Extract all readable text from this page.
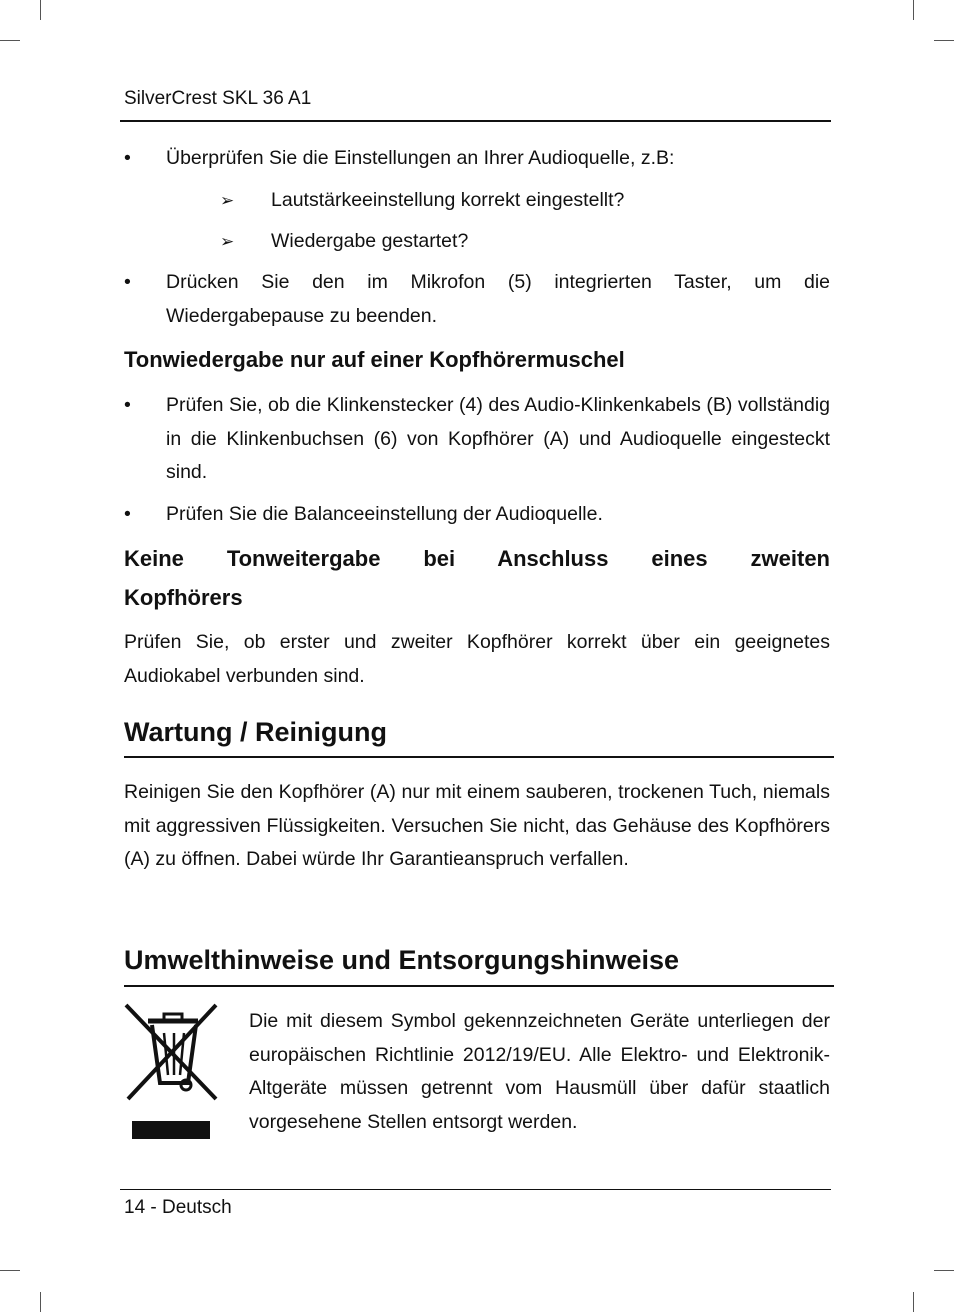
SilverCrest SKL 36 A1
•	Überprüfen Sie die Einstellungen an Ihrer Audioquelle, z.B:
➢ Lautstärkeeinstellung korrekt eingestellt?
➢ Wiedergabe gestartet?
•	Drücken Sie den im Mikrofon (5) integrierten Taster, um die Wiedergabepause zu beenden.
Tonwiedergabe nur auf einer Kopfhörermuschel
•	Prüfen Sie, ob die Klinkenstecker (4) des Audio-Klinkenkabels (B) vollständig in die Klinkenbuchsen (6) von Kopfhörer (A) und Audioquelle eingesteckt sind.
•	Prüfen Sie die Balanceeinstellung der Audioquelle.
Keine Tonweitergabe bei Anschluss eines zweiten
Kopfhörers
Prüfen Sie, ob erster und zweiter Kopfhörer korrekt über ein geeignetes Audiokabel verbunden sind.
Wartung / Reinigung
Reinigen Sie den Kopfhörer (A) nur mit einem sauberen, trockenen Tuch, niemals mit aggressiven Flüssigkeiten. Versuchen Sie nicht, das Gehäuse des Kopfhörers (A) zu öffnen. Dabei würde Ihr Garantieanspruch verfallen.
Umwelthinweise und Entsorgungshinweise
Die mit diesem Symbol gekennzeichneten Geräte unterliegen der europäischen Richtlinie 2012/19/EU. Alle Elektro- und Elektronik-Altgeräte müssen getrennt vom Hausmüll über dafür staatlich vorgesehene Stellen entsorgt werden.
14 - Deutsch
